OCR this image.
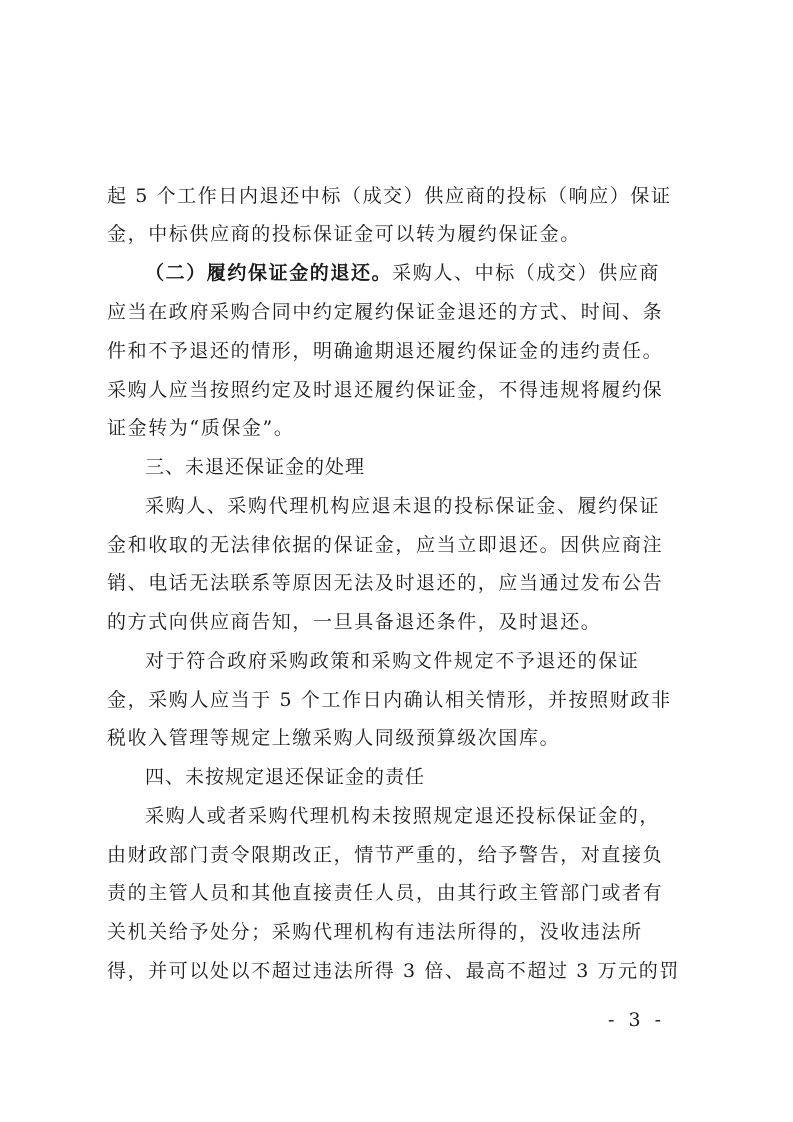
起 5 个工作日内退还中标（成交）供应商的投标（响应）保证
金，中标供应商的投标保证金可以转为履约保证金。
（二）履约保证金的退还。采购人、中标（成交）供应商
应当在政府采购合同中约定履约保证金退还的方式、时间、条
件和不予退还的情形，明确逾期退还履约保证金的违约责任。
采购人应当按照约定及时退还履约保证金，不得违规将履约保
证金转为“质保金”。
三、未退还保证金的处理
采购人、采购代理机构应退未退的投标保证金、履约保证
金和收取的无法律依据的保证金，应当立即退还。因供应商注
销、电话无法联系等原因无法及时退还的，应当通过发布公告
的方式向供应商告知，一旦具备退还条件，及时退还。
对于符合政府采购政策和采购文件规定不予退还的保证
金，采购人应当于 5 个工作日内确认相关情形，并按照财政非
税收入管理等规定上缴采购人同级预算级次国库。
四、未按规定退还保证金的责任
采购人或者采购代理机构未按照规定退还投标保证金的，
由财政部门责令限期改正，情节严重的，给予警告，对直接负
责的主管人员和其他直接责任人员，由其行政主管部门或者有
关机关给予处分；采购代理机构有违法所得的，没收违法所
得，并可以处以不超过违法所得 3 倍、最高不超过 3 万元的罚
- 3 -
